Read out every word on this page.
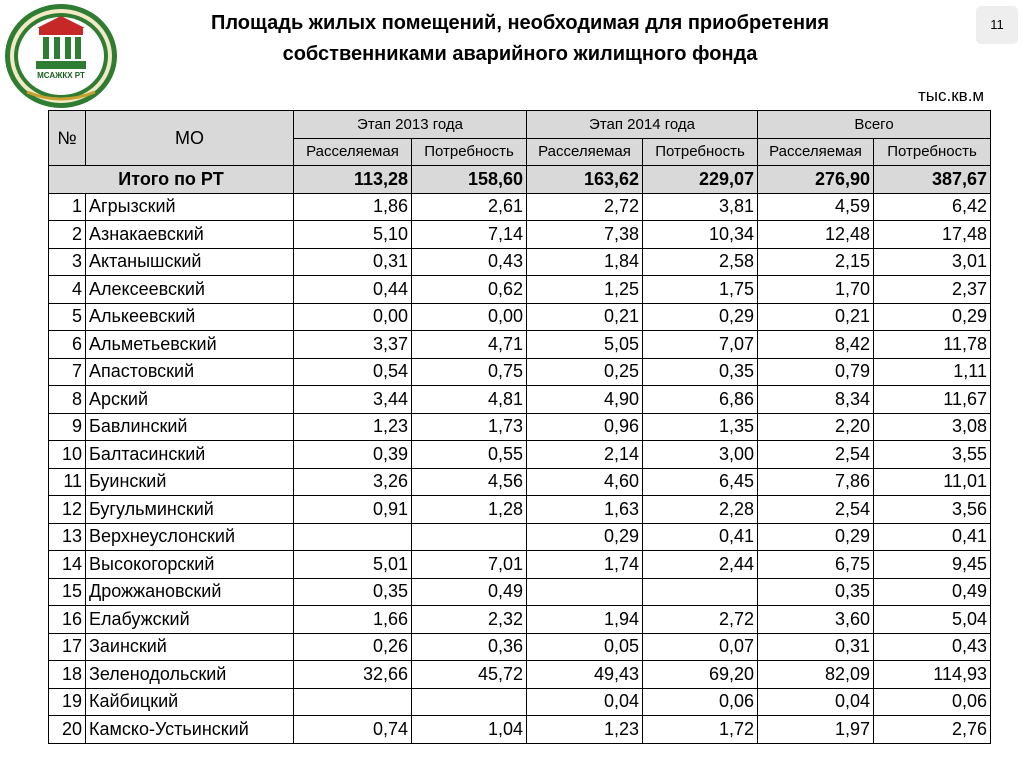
МСАЖКХ РТ
Площадь жилых помещений, необходимая для приобретения
собственниками аварийного жилищного фонда
11
тыс.кв.м
№	МО	Этап 2013 года		Этап 2014 года		Всего	
		Расселяемая	Потребность	Расселяемая	Потребность	Расселяемая	Потребность
Итого по РТ		113,28	158,60	163,62	229,07	276,90	387,67
1	Агрызский	1,86	2,61	2,72	3,81	4,59	6,42
2	Азнакаевский	5,10	7,14	7,38	10,34	12,48	17,48
3	Актанышский	0,31	0,43	1,84	2,58	2,15	3,01
4	Алексеевский	0,44	0,62	1,25	1,75	1,70	2,37
5	Алькеевский	0,00	0,00	0,21	0,29	0,21	0,29
6	Альметьевский	3,37	4,71	5,05	7,07	8,42	11,78
7	Апастовский	0,54	0,75	0,25	0,35	0,79	1,11
8	Арский	3,44	4,81	4,90	6,86	8,34	11,67
9	Бавлинский	1,23	1,73	0,96	1,35	2,20	3,08
10	Балтасинский	0,39	0,55	2,14	3,00	2,54	3,55
11	Буинский	3,26	4,56	4,60	6,45	7,86	11,01
12	Бугульминский	0,91	1,28	1,63	2,28	2,54	3,56
13	Верхнеуслонский			0,29	0,41	0,29	0,41
14	Высокогорский	5,01	7,01	1,74	2,44	6,75	9,45
15	Дрожжановский	0,35	0,49			0,35	0,49
16	Елабужский	1,66	2,32	1,94	2,72	3,60	5,04
17	Заинский	0,26	0,36	0,05	0,07	0,31	0,43
18	Зеленодольский	32,66	45,72	49,43	69,20	82,09	114,93
19	Кайбицкий			0,04	0,06	0,04	0,06
20	Камско-Устьинский	0,74	1,04	1,23	1,72	1,97	2,76
